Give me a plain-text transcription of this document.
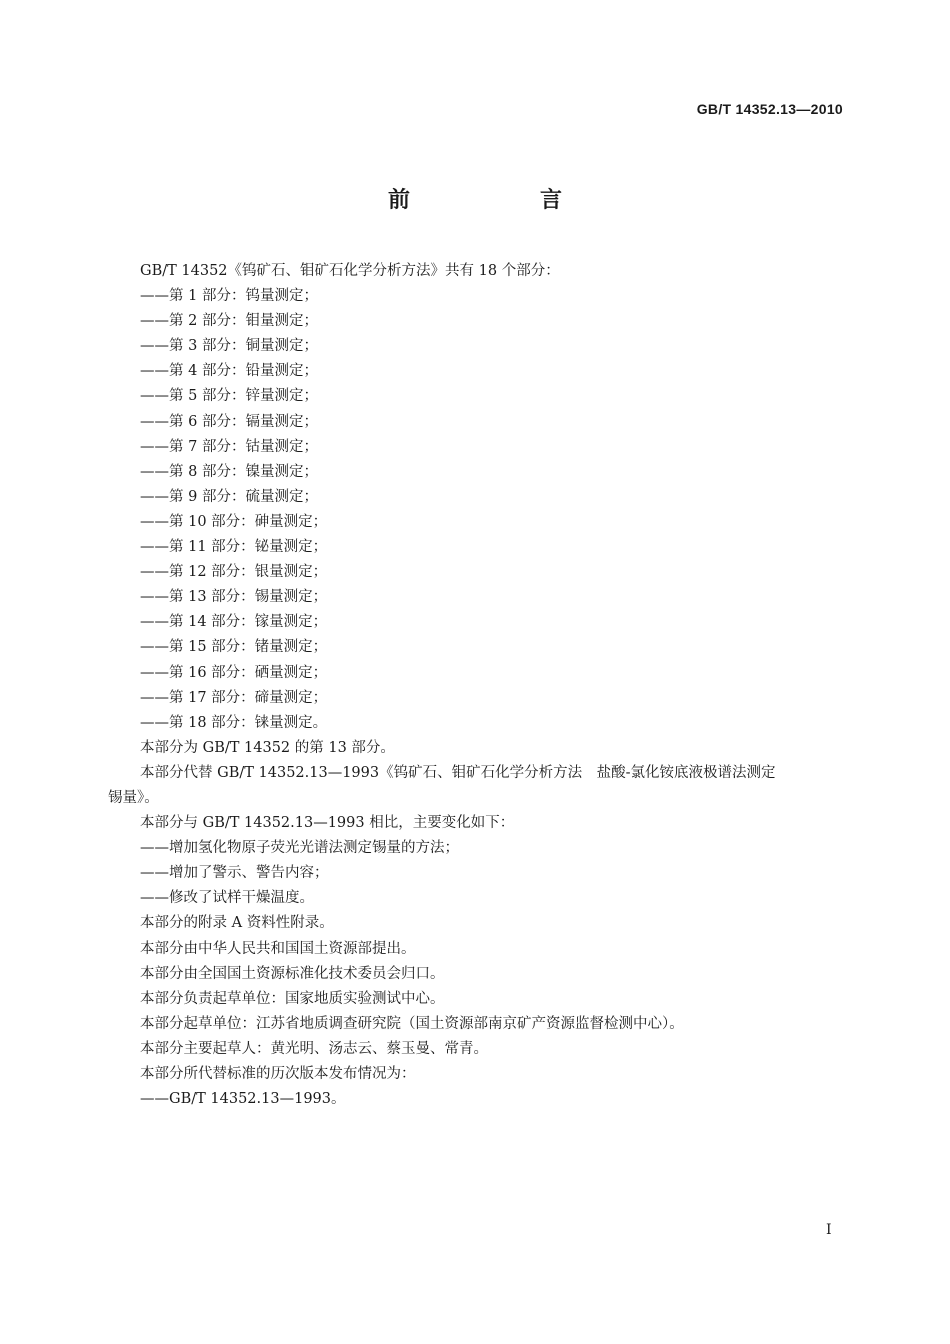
GB/T 14352.13—2010
前　言
GB/T 14352《钨矿石、钼矿石化学分析方法》共有 18 个部分：
——第 1 部分：钨量测定；
——第 2 部分：钼量测定；
——第 3 部分：铜量测定；
——第 4 部分：铅量测定；
——第 5 部分：锌量测定；
——第 6 部分：镉量测定；
——第 7 部分：钴量测定；
——第 8 部分：镍量测定；
——第 9 部分：硫量测定；
——第 10 部分：砷量测定；
——第 11 部分：铋量测定；
——第 12 部分：银量测定；
——第 13 部分：锡量测定；
——第 14 部分：镓量测定；
——第 15 部分：锗量测定；
——第 16 部分：硒量测定；
——第 17 部分：碲量测定；
——第 18 部分：铼量测定。
本部分为 GB/T 14352 的第 13 部分。
本部分代替 GB/T 14352.13—1993《钨矿石、钼矿石化学分析方法　盐酸-氯化铵底液极谱法测定
锡量》。
本部分与 GB/T 14352.13—1993 相比，主要变化如下：
——增加氢化物原子荧光光谱法测定锡量的方法；
——增加了警示、警告内容；
——修改了试样干燥温度。
本部分的附录 A 资料性附录。
本部分由中华人民共和国国土资源部提出。
本部分由全国国土资源标准化技术委员会归口。
本部分负责起草单位：国家地质实验测试中心。
本部分起草单位：江苏省地质调查研究院（国土资源部南京矿产资源监督检测中心）。
本部分主要起草人：黄光明、汤志云、蔡玉曼、常青。
本部分所代替标准的历次版本发布情况为：
——GB/T 14352.13—1993。
I
